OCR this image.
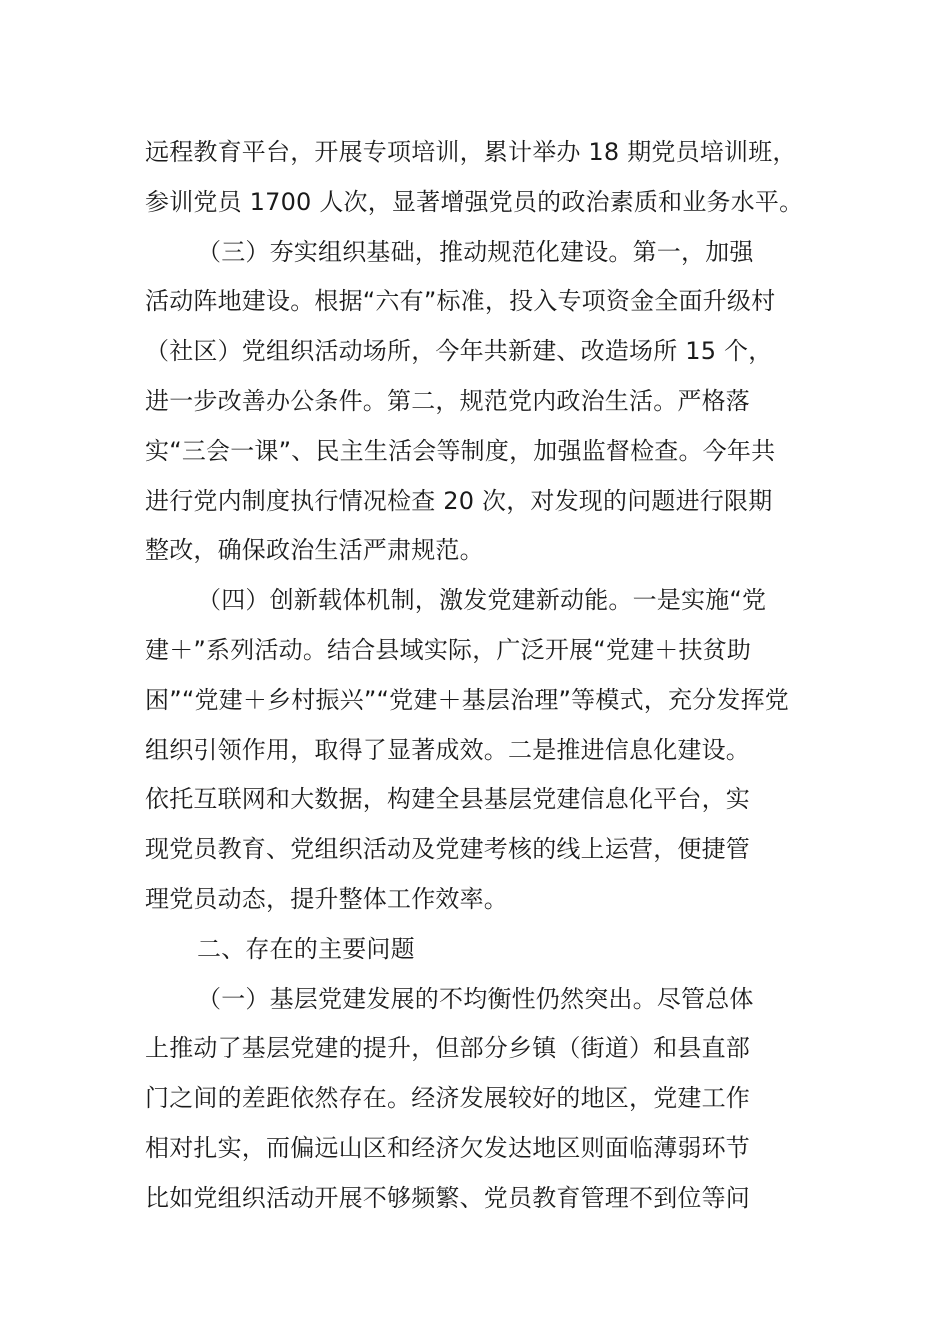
远程教育平台，开展专项培训，累计举办 18 期党员培训班，
参训党员 1700 人次，显著增强党员的政治素质和业务水平。
（三）夯实组织基础，推动规范化建设。第一，加强
活动阵地建设。根据“六有”标准，投入专项资金全面升级村
（社区）党组织活动场所，今年共新建、改造场所 15 个，
进一步改善办公条件。第二，规范党内政治生活。严格落
实“三会一课”、民主生活会等制度，加强监督检查。今年共
进行党内制度执行情况检查 20 次，对发现的问题进行限期
整改，确保政治生活严肃规范。
（四）创新载体机制，激发党建新动能。一是实施“党
建＋”系列活动。结合县域实际，广泛开展“党建＋扶贫助
困”“党建＋乡村振兴”“党建＋基层治理”等模式，充分发挥党
组织引领作用，取得了显著成效。二是推进信息化建设。
依托互联网和大数据，构建全县基层党建信息化平台，实
现党员教育、党组织活动及党建考核的线上运营，便捷管
理党员动态，提升整体工作效率。
二、存在的主要问题
（一）基层党建发展的不均衡性仍然突出。尽管总体
上推动了基层党建的提升，但部分乡镇（街道）和县直部
门之间的差距依然存在。经济发展较好的地区，党建工作
相对扎实，而偏远山区和经济欠发达地区则面临薄弱环节
比如党组织活动开展不够频繁、党员教育管理不到位等问
